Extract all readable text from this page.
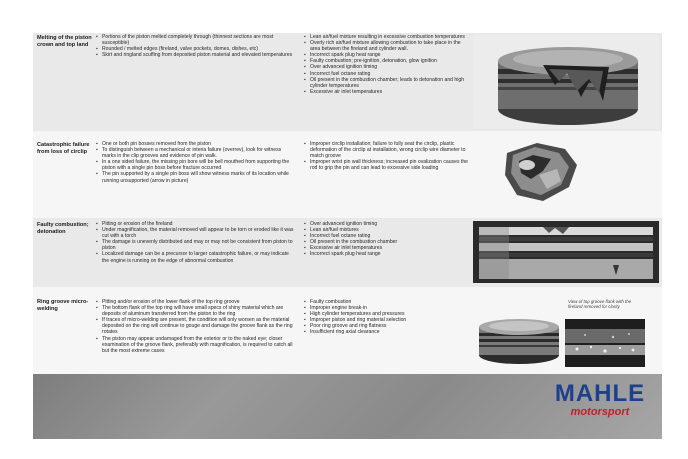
Melting of the piston crown and top land
▪ Portions of the piston melted completely through (thinnest sections are most susceptible)
▪ Rounded / melted edges (fireland, valve pockets, domes, dishes, etc)
▪ Skirt and ringland scuffing from deposited piston material and elevated temperatures
▪ Lean air/fuel mixture resulting in excessive combustion temperatures
▪ Overly rich air/fuel mixture allowing combustion to take place in the area between the fireland and cylinder wall.
▪ Incorrect spark plug heat range
▪ Faulty combustion; pre-ignition, detonation, glow ignition
▪ Over advanced ignition timing
▪ Incorrect fuel octane rating
▪ Oil present in the combustion chamber; leads to detonation and high cylinder temperatures
▪ Excessive air inlet temperatures
Catastrophic failure from loss of circlip
▪ One or both pin bosses removed from the piston
▪ To distinguish between a mechanical or interia failure (overrev), look for witness marks in the clip grooves and evidence of pin walk.
▪ In a one sided failure, the missing pin bore will be bell mouthed from supporting the piston with a single pin boss before fracture occurred
▪ The pin supported by a single pin boss will show witness marks of its location while running unsupported (arrow in picture)
▪ Improper circlip installation; failure to fully seat the circlip, plastic deformation of the circlip at installation, wrong circlip wire diameter to match groove
▪ Improper wrist pin wall thickness; increased pin ovalization causes the rod to grip the pin and can lead to excessive side loading
Faulty combustion; detonation
▪ Pitting or erosion of the fireland
▪ Under magnification, the material removed will appear to be torn or eroded like it was cut with a torch
▪ The damage is unevenly distributed and may or may not be consistent from piston to piston
▪ Localized damage can be a precursor to larger catastrophic failure, or may indicate the engine is running on the edge of abnormal combustion
▪ Over advanced ignition timing
▪ Lean air/fuel mixtures
▪ Incorrect fuel octane rating
▪ Oil present in the combustion chamber
▪ Excessive air inlet temperatures
▪ Incorrect spark plug heat range
Ring groove micro-welding
▪ Pitting and/or erosion of the lower flank of the top ring groove
▪ The bottom flank of the top ring will have small specs of shiny material which are deposits of aluminum transferred from the piston to the ring
▪ If traces of micro-welding are present, the condition will only worsen as the material deposited on the ring will continue to gouge and damage the groove flank as the ring rotates
▪ The piston may appear undamaged from the exterior or to the naked eye; closer examination of the groove flank, preferably with magnification, is required to catch all but the most extreme cases
▪ Faulty combustion
▪ Improper engine break-in
▪ High cylinder temperatures and pressures
▪ Improper piston and ring material selection
▪ Poor ring groove and ring flatness
▪ Insufficient ring axial clearance
View of top groove flank with the fireland removed for clarity
MAHLE
motorsport
